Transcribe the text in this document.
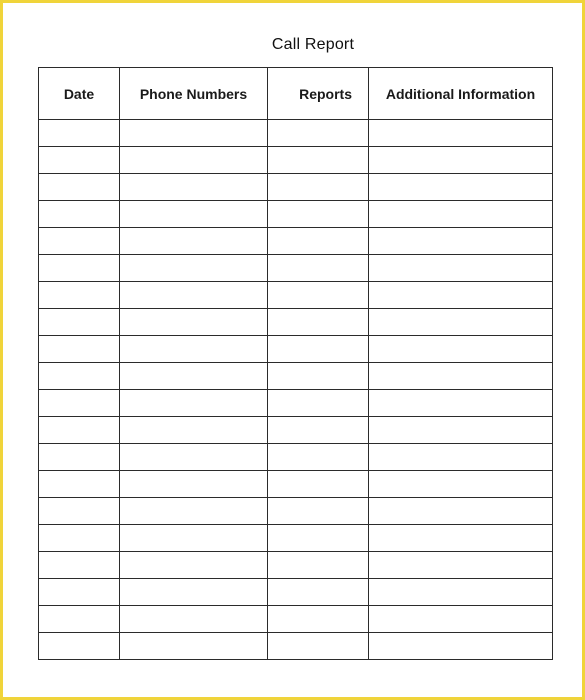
Call Report
Date	Phone Numbers	Reports	Additional Information
